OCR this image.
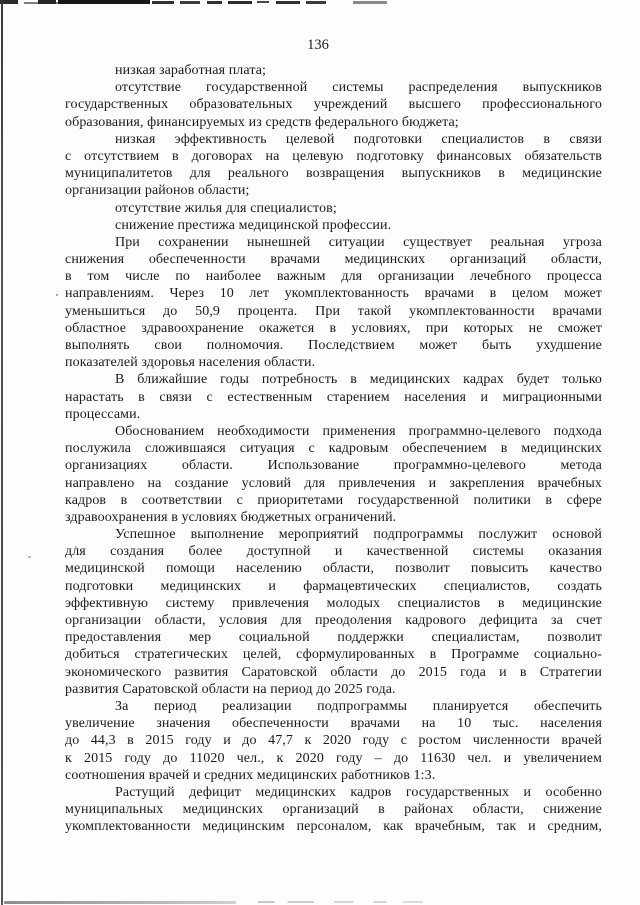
136
низкая заработная плата;
отсутствие государственной системы распределения выпускников
государственных образовательных учреждений высшего профессионального
образования, финансируемых из средств федерального бюджета;
низкая эффективность целевой подготовки специалистов в связи
с отсутствием в договорах на целевую подготовку финансовых обязательств
муниципалитетов для реального возвращения выпускников в медицинские
организации районов области;
отсутствие жилья для специалистов;
снижение престижа медицинской профессии.
При сохранении нынешней ситуации существует реальная угроза
снижения обеспеченности врачами медицинских организаций области,
в том числе по наиболее важным для организации лечебного процесса
направлениям. Через 10 лет укомплектованность врачами в целом может
уменьшиться до 50,9 процента. При такой укомплектованности врачами
областное здравоохранение окажется в условиях, при которых не сможет
выполнять свои полномочия. Последствием может быть ухудшение
показателей здоровья населения области.
В ближайшие годы потребность в медицинских кадрах будет только
нарастать в связи с естественным старением населения и миграционными
процессами.
Обоснованием необходимости применения программно-целевого подхода
послужила сложившаяся ситуация с кадровым обеспечением в медицинских
организациях области. Использование программно-целевого метода
направлено на создание условий для привлечения и закрепления врачебных
кадров в соответствии с приоритетами государственной политики в сфере
здравоохранения в условиях бюджетных ограничений.
Успешное выполнение мероприятий подпрограммы послужит основой
для создания более доступной и качественной системы оказания
медицинской помощи населению области, позволит повысить качество
подготовки медицинских и фармацевтических специалистов, создать
эффективную систему привлечения молодых специалистов в медицинские
организации области, условия для преодоления кадрового дефицита за счет
предоставления мер социальной поддержки специалистам, позволит
добиться стратегических целей, сформулированных в Программе социально-
экономического развития Саратовской области до 2015 года и в Стратегии
развития Саратовской области на период до 2025 года.
За период реализации подпрограммы планируется обеспечить
увеличение значения обеспеченности врачами на 10 тыс. населения
до 44,3 в 2015 году и до 47,7 к 2020 году с ростом численности врачей
к 2015 году до 11020 чел., к 2020 году – до 11630 чел. и увеличением
соотношения врачей и средних медицинских работников 1:3.
Растущий дефицит медицинских кадров государственных и особенно
муниципальных медицинских организаций в районах области, снижение
укомплектованности медицинским персоналом, как врачебным, так и средним,
